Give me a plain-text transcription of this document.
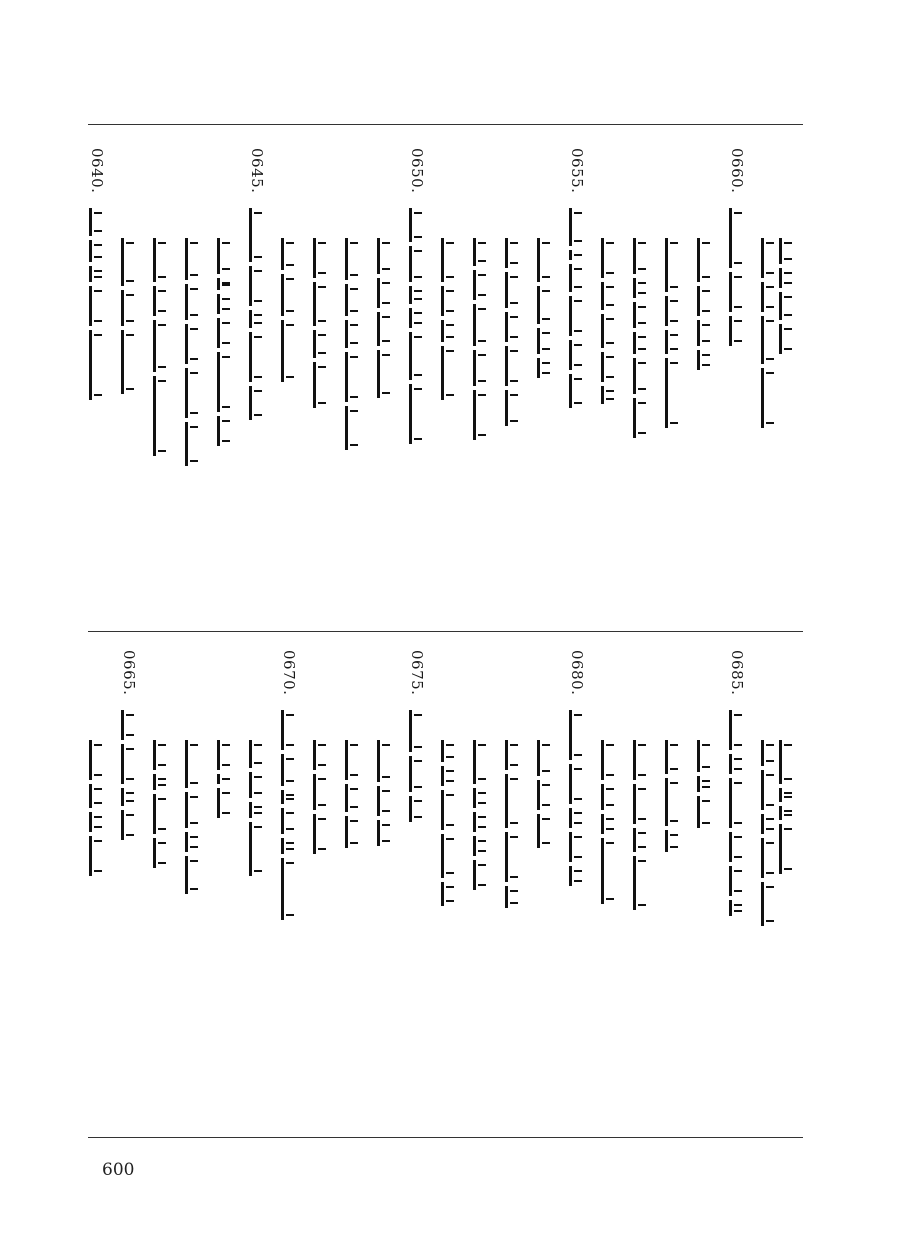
0640.	0645.	0650.	0655.	0660.
0665.	0670.	0675.	0680.	0685.
600
